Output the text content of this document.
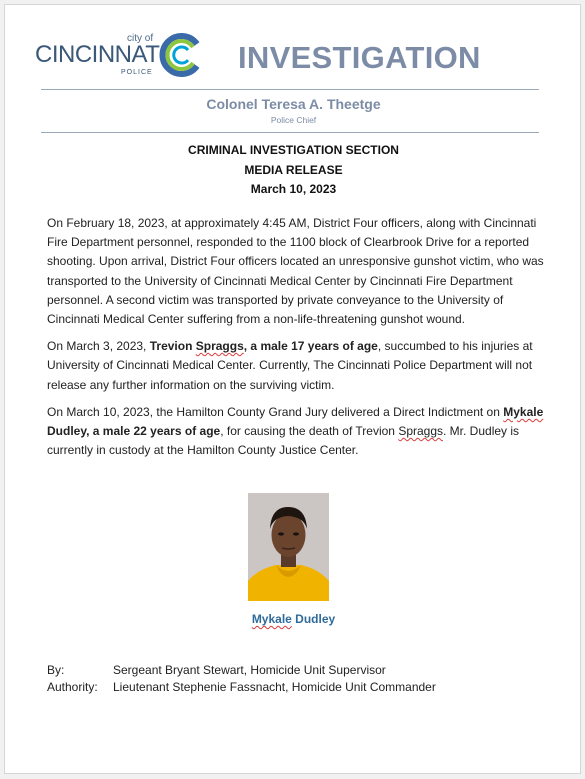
city of
CINCINNATI
POLICE	INVESTIGATION
Colonel Teresa A. Theetge
Police Chief
CRIMINAL INVESTIGATION SECTION
MEDIA RELEASE
March 10, 2023

On February 18, 2023, at approximately 4:45 AM, District Four officers, along with Cincinnati Fire Department personnel, responded to the 1100 block of Clearbrook Drive for a reported shooting. Upon arrival, District Four officers located an unresponsive gunshot victim, who was transported to the University of Cincinnati Medical Center by Cincinnati Fire Department personnel. A second victim was transported by private conveyance to the University of Cincinnati Medical Center suffering from a non-life-threatening gunshot wound.

On March 3, 2023, Trevion Spraggs, a male 17 years of age, succumbed to his injuries at University of Cincinnati Medical Center. Currently, The Cincinnati Police Department will not release any further information on the surviving victim.

On March 10, 2023, the Hamilton County Grand Jury delivered a Direct Indictment on Mykale Dudley, a male 22 years of age, for causing the death of Trevion Spraggs. Mr. Dudley is currently in custody at the Hamilton County Justice Center.

Mykale Dudley
By:	Sergeant Bryant Stewart, Homicide Unit Supervisor
Authority: Lieutenant Stephenie Fassnacht, Homicide Unit Commander
